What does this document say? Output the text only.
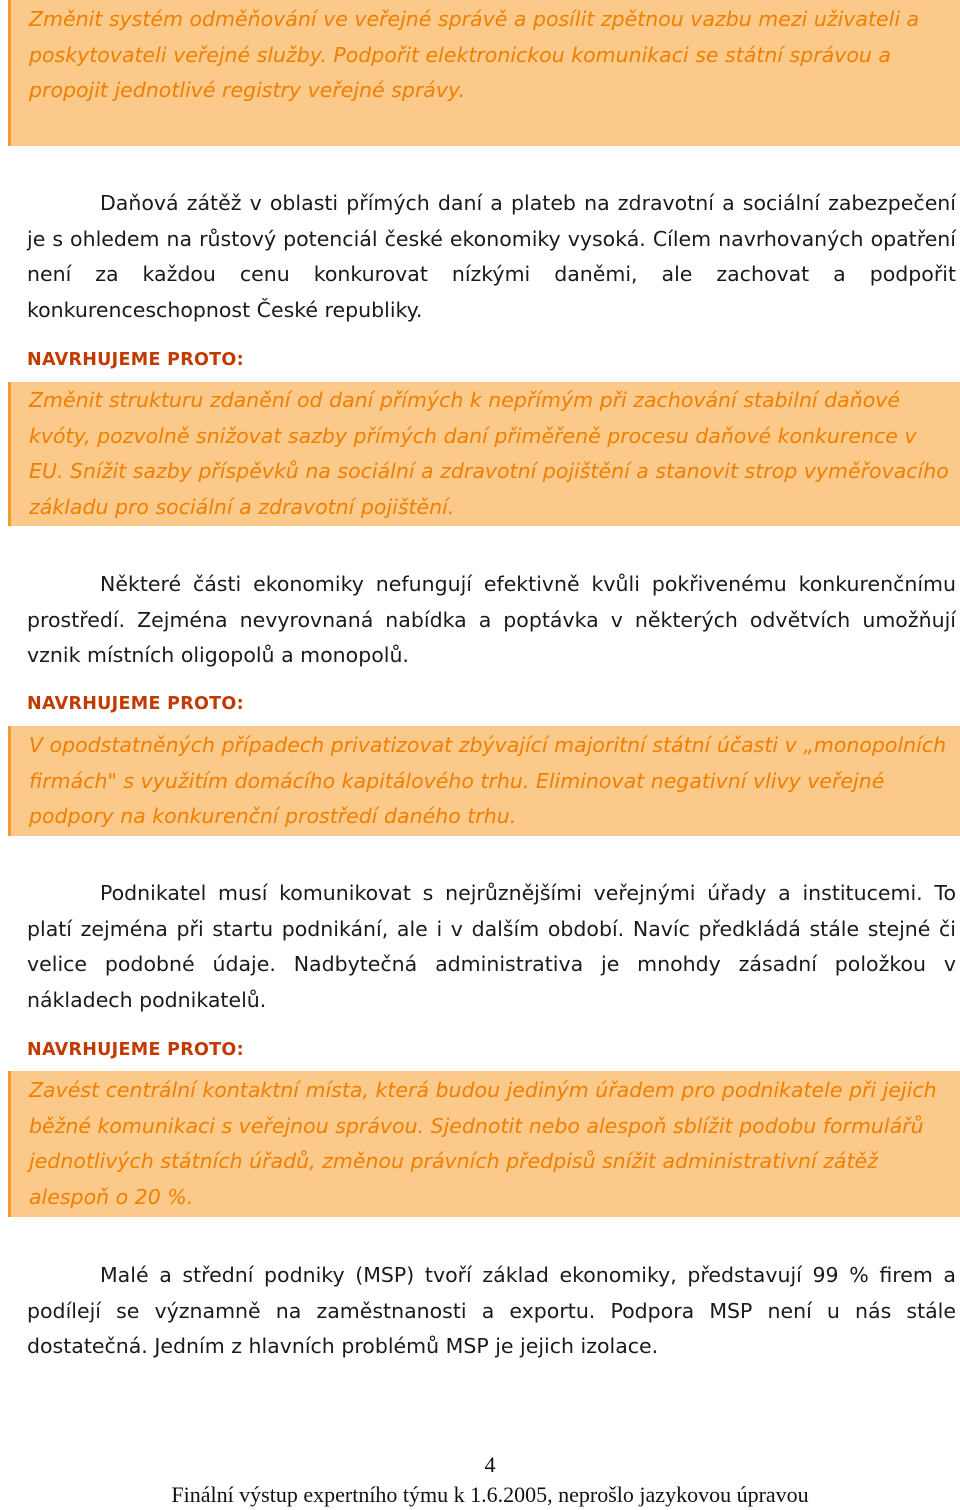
Změnit systém odměňování ve veřejné správě a posílit zpětnou vazbu mezi uživateli a poskytovateli veřejné služby. Podpořit elektronickou komunikaci se státní správou a propojit jednotlivé registry veřejné správy.
Daňová zátěž v oblasti přímých daní a plateb na zdravotní a sociální zabezpečení je s ohledem na růstový potenciál české ekonomiky vysoká. Cílem navrhovaných opatření není za každou cenu konkurovat nízkými daněmi, ale zachovat a podpořit konkurenceschopnost České republiky.
NAVRHUJEME PROTO:
Změnit strukturu zdanění od daní přímých k nepřímým při zachování stabilní daňové kvóty, pozvolně snižovat sazby přímých daní přiměřeně procesu daňové konkurence v EU. Snížit sazby příspěvků na sociální a zdravotní pojištění a stanovit strop vyměřovacího základu pro sociální a zdravotní pojištění.
Některé části ekonomiky nefungují efektivně kvůli pokřivenému konkurenčnímu prostředí. Zejména nevyrovnaná nabídka a poptávka v některých odvětvích umožňují vznik místních oligopolů a monopolů.
NAVRHUJEME PROTO:
V opodstatněných případech privatizovat zbývající majoritní státní účasti v „monopolních firmách" s využitím domácího kapitálového trhu. Eliminovat negativní vlivy veřejné podpory na konkurenční prostředí daného trhu.
Podnikatel musí komunikovat s nejrůznějšími veřejnými úřady a institucemi. To platí zejména při startu podnikání, ale i v dalším období. Navíc předkládá stále stejné či velice podobné údaje. Nadbytečná administrativa je mnohdy zásadní položkou v nákladech podnikatelů.
NAVRHUJEME PROTO:
Zavést centrální kontaktní místa, která budou jediným úřadem pro podnikatele při jejich běžné komunikaci s veřejnou správou. Sjednotit nebo alespoň sblížit podobu formulářů jednotlivých státních úřadů, změnou právních předpisů snížit administrativní zátěž alespoň o 20 %.
Malé a střední podniky (MSP) tvoří základ ekonomiky, představují 99 % firem a podílejí se významně na zaměstnanosti a exportu. Podpora MSP není u nás stále dostatečná. Jedním z hlavních problémů MSP je jejich izolace.
4
Finální výstup expertního týmu k 1.6.2005, neprošlo jazykovou úpravou
